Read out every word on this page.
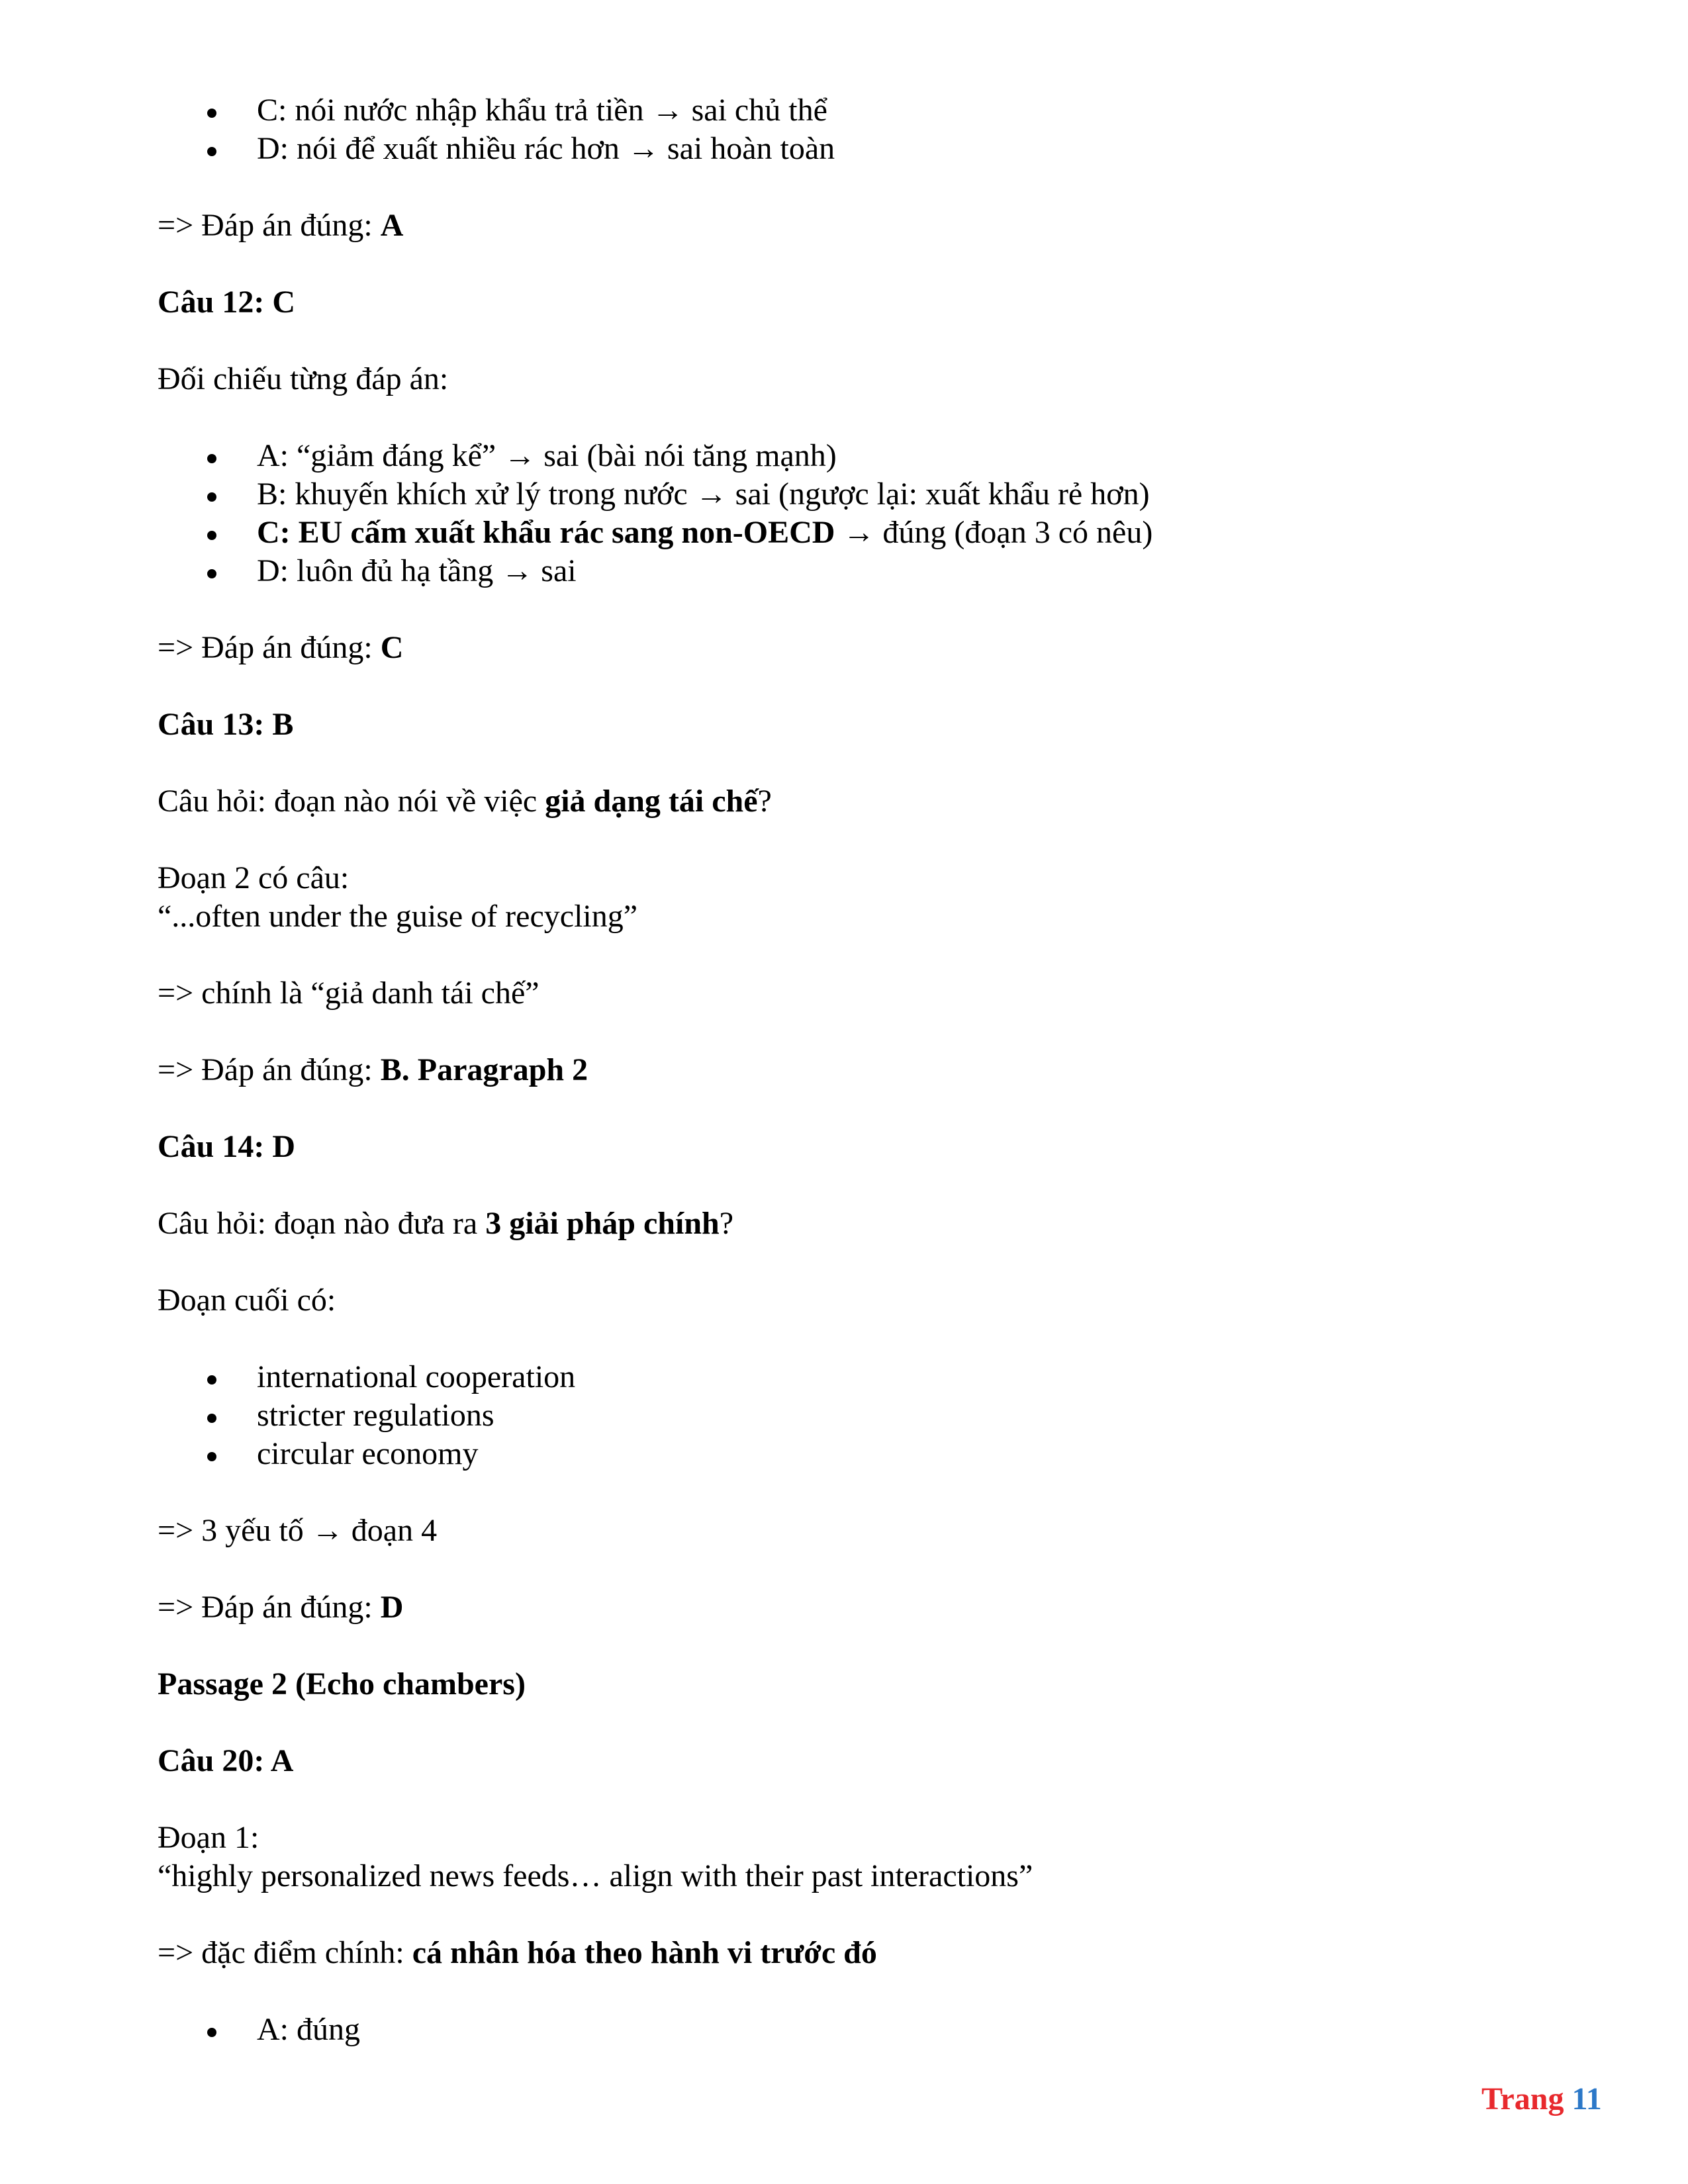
C: nói nước nhập khẩu trả tiền → sai chủ thể
D: nói để xuất nhiều rác hơn → sai hoàn toàn

=> Đáp án đúng: A

Câu 12: C

Đối chiếu từng đáp án:

A: “giảm đáng kể” → sai (bài nói tăng mạnh)
B: khuyến khích xử lý trong nước → sai (ngược lại: xuất khẩu rẻ hơn)
C: EU cấm xuất khẩu rác sang non-OECD → đúng (đoạn 3 có nêu)
D: luôn đủ hạ tầng → sai

=> Đáp án đúng: C

Câu 13: B

Câu hỏi: đoạn nào nói về việc giả dạng tái chế?

Đoạn 2 có câu:
“...often under the guise of recycling”

=> chính là “giả danh tái chế”

=> Đáp án đúng: B. Paragraph 2

Câu 14: D

Câu hỏi: đoạn nào đưa ra 3 giải pháp chính?

Đoạn cuối có:

international cooperation
stricter regulations
circular economy

=> 3 yếu tố → đoạn 4

=> Đáp án đúng: D

Passage 2 (Echo chambers)

Câu 20: A

Đoạn 1:
“highly personalized news feeds… align with their past interactions”

=> đặc điểm chính: cá nhân hóa theo hành vi trước đó

A: đúng
Trang 11
